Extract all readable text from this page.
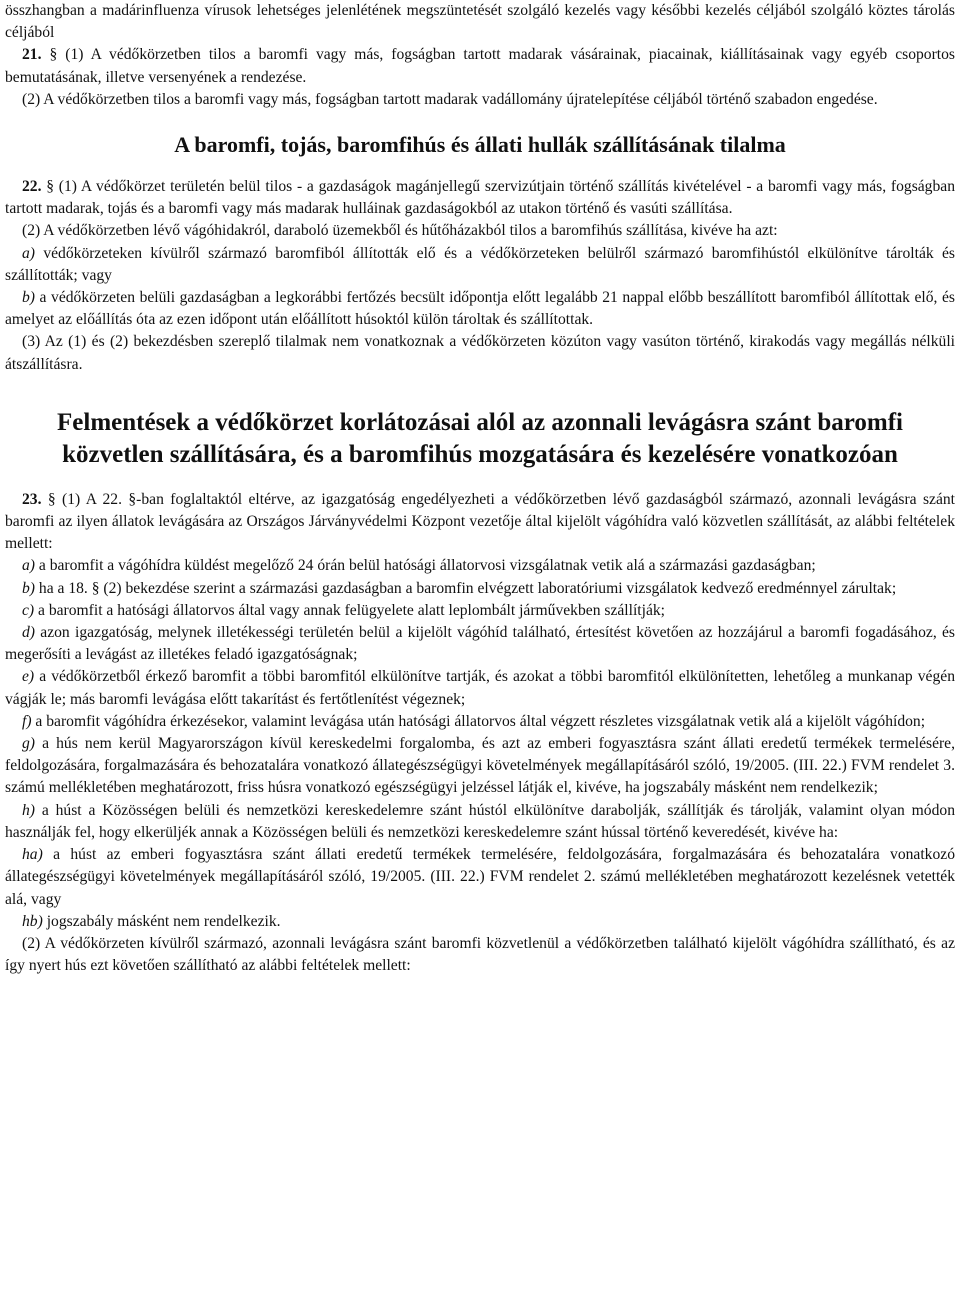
összhangban a madárinfluenza vírusok lehetséges jelenlétének megszüntetését szolgáló kezelés vagy későbbi kezelés céljából szolgáló köztes tárolás céljából

21. § (1) A védőkörzetben tilos a baromfi vagy más, fogságban tartott madarak vásárainak, piacainak, kiállításainak vagy egyéb csoportos bemutatásának, illetve versenyének a rendezése.

(2) A védőkörzetben tilos a baromfi vagy más, fogságban tartott madarak vadállomány újratelepítése céljából történő szabadon engedése.

A baromfi, tojás, baromfihús és állati hullák szállításának tilalma

22. § (1) A védőkörzet területén belül tilos - a gazdaságok magánjellegű szervizútjain történő szállítás kivételével - a baromfi vagy más, fogságban tartott madarak, tojás és a baromfi vagy más madarak hulláinak gazdaságokból az utakon történő és vasúti szállítása.

(2) A védőkörzetben lévő vágóhidakról, daraboló üzemekből és hűtőházakból tilos a baromfihús szállítása, kivéve ha azt:

a) védőkörzeteken kívülről származó baromfiból állították elő és a védőkörzeteken belülről származó baromfihústól elkülönítve tárolták és szállították; vagy

b) a védőkörzeten belüli gazdaságban a legkorábbi fertőzés becsült időpontja előtt legalább 21 nappal előbb beszállított baromfiból állítottak elő, és amelyet az előállítás óta az ezen időpont után előállított húsoktól külön tároltak és szállítottak.

(3) Az (1) és (2) bekezdésben szereplő tilalmak nem vonatkoznak a védőkörzeten közúton vagy vasúton történő, kirakodás vagy megállás nélküli átszállításra.

Felmentések a védőkörzet korlátozásai alól az azonnali levágásra szánt baromfi közvetlen szállítására, és a baromfihús mozgatására és kezelésére vonatkozóan

23. § (1) A 22. §-ban foglaltaktól eltérve, az igazgatóság engedélyezheti a védőkörzetben lévő gazdaságból származó, azonnali levágásra szánt baromfi az ilyen állatok levágására az Országos Járványvédelmi Központ vezetője által kijelölt vágóhídra való közvetlen szállítását, az alábbi feltételek mellett:

a) a baromfit a vágóhídra küldést megelőző 24 órán belül hatósági állatorvosi vizsgálatnak vetik alá a származási gazdaságban;

b) ha a 18. § (2) bekezdése szerint a származási gazdaságban a baromfin elvégzett laboratóriumi vizsgálatok kedvező eredménnyel zárultak;

c) a baromfit a hatósági állatorvos által vagy annak felügyelete alatt leplombált járművekben szállítják;

d) azon igazgatóság, melynek illetékességi területén belül a kijelölt vágóhíd található, értesítést követően az hozzájárul a baromfi fogadásához, és megerősíti a levágást az illetékes feladó igazgatóságnak;

e) a védőkörzetből érkező baromfit a többi baromfitól elkülönítve tartják, és azokat a többi baromfitól elkülönítetten, lehetőleg a munkanap végén vágják le; más baromfi levágása előtt takarítást és fertőtlenítést végeznek;

f) a baromfit vágóhídra érkezésekor, valamint levágása után hatósági állatorvos által végzett részletes vizsgálatnak vetik alá a kijelölt vágóhídon;

g) a hús nem kerül Magyarországon kívül kereskedelmi forgalomba, és azt az emberi fogyasztásra szánt állati eredetű termékek termelésére, feldolgozására, forgalmazására és behozatalára vonatkozó állategészségügyi követelmények megállapításáról szóló, 19/2005. (III. 22.) FVM rendelet 3. számú mellékletében meghatározott, friss húsra vonatkozó egészségügyi jelzéssel látják el, kivéve, ha jogszabály másként nem rendelkezik;

h) a húst a Közösségen belüli és nemzetközi kereskedelemre szánt hústól elkülönítve darabolják, szállítják és tárolják, valamint olyan módon használják fel, hogy elkerüljék annak a Közösségen belüli és nemzetközi kereskedelemre szánt hússal történő keveredését, kivéve ha:

ha) a húst az emberi fogyasztásra szánt állati eredetű termékek termelésére, feldolgozására, forgalmazására és behozatalára vonatkozó állategészségügyi követelmények megállapításáról szóló, 19/2005. (III. 22.) FVM rendelet 2. számú mellékletében meghatározott kezelésnek vetették alá, vagy

hb) jogszabály másként nem rendelkezik.

(2) A védőkörzeten kívülről származó, azonnali levágásra szánt baromfi közvetlenül a védőkörzetben található kijelölt vágóhídra szállítható, és az így nyert hús ezt követően szállítható az alábbi feltételek mellett:
